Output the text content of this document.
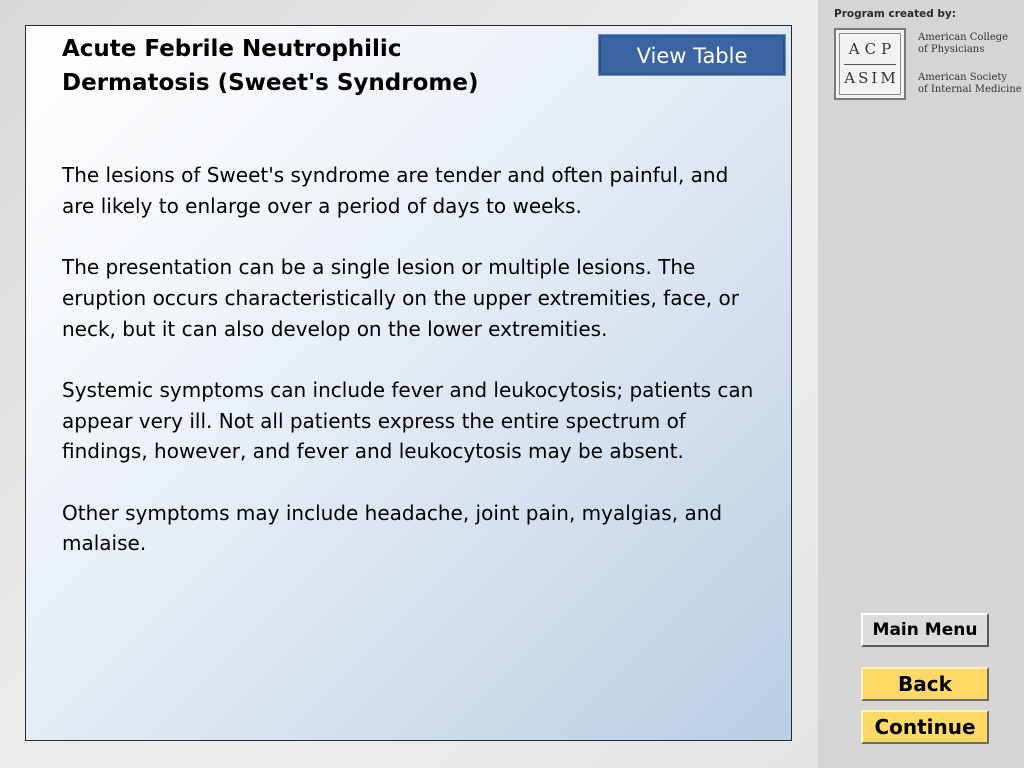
Acute Febrile Neutrophilic
Dermatosis (Sweet's Syndrome)
View Table

The lesions of Sweet's syndrome are tender and often painful, and are likely to enlarge over a period of days to weeks.

The presentation can be a single lesion or multiple lesions. The eruption occurs characteristically on the upper extremities, face, or neck, but it can also develop on the lower extremities.

Systemic symptoms can include fever and leukocytosis; patients can appear very ill. Not all patients express the entire spectrum of findings, however, and fever and leukocytosis may be absent.

Other symptoms may include headache, joint pain, myalgias, and malaise.

Program created by:
ACP
ASIM
American College
of Physicians
American Society
of Internal Medicine
Main Menu
Back
Continue
